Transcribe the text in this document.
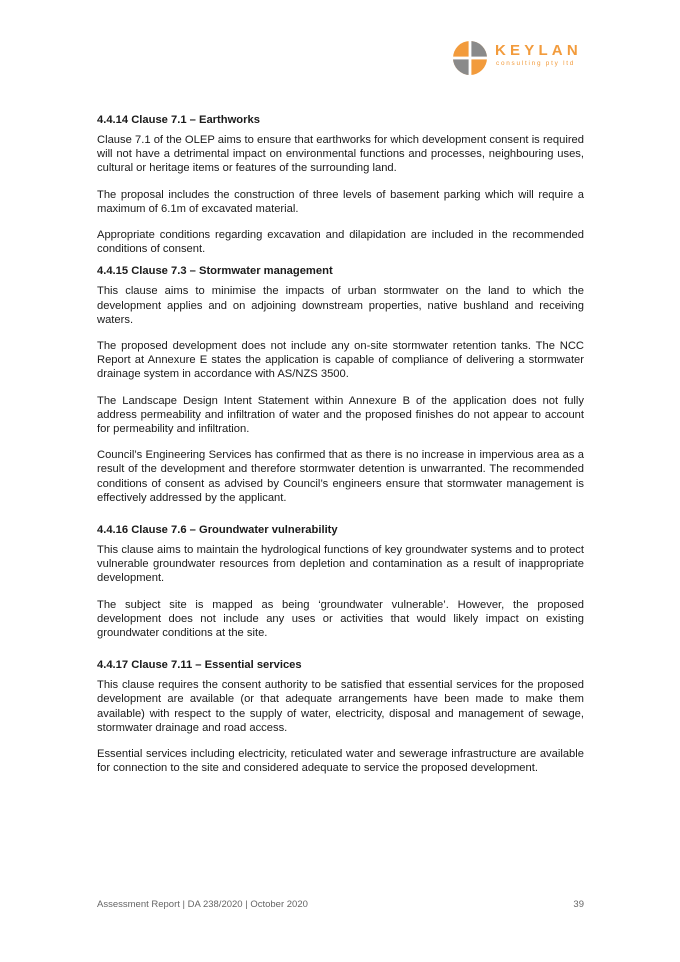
KEYLAN
consulting pty ltd
4.4.14 Clause 7.1 – Earthworks

Clause 7.1 of the OLEP aims to ensure that earthworks for which development consent is required will not have a detrimental impact on environmental functions and processes, neighbouring uses, cultural or heritage items or features of the surrounding land.

The proposal includes the construction of three levels of basement parking which will require a maximum of 6.1m of excavated material.

Appropriate conditions regarding excavation and dilapidation are included in the recommended conditions of consent.

4.4.15 Clause 7.3 – Stormwater management

This clause aims to minimise the impacts of urban stormwater on the land to which the development applies and on adjoining downstream properties, native bushland and receiving waters.

The proposed development does not include any on-site stormwater retention tanks. The NCC Report at Annexure E states the application is capable of compliance of delivering a stormwater drainage system in accordance with AS/NZS 3500.

The Landscape Design Intent Statement within Annexure B of the application does not fully address permeability and infiltration of water and the proposed finishes do not appear to account for permeability and infiltration.

Council’s Engineering Services has confirmed that as there is no increase in impervious area as a result of the development and therefore stormwater detention is unwarranted. The recommended conditions of consent as advised by Council’s engineers ensure that stormwater management is effectively addressed by the applicant.

4.4.16 Clause 7.6 – Groundwater vulnerability

This clause aims to maintain the hydrological functions of key groundwater systems and to protect vulnerable groundwater resources from depletion and contamination as a result of inappropriate development.

The subject site is mapped as being ‘groundwater vulnerable’. However, the proposed development does not include any uses or activities that would likely impact on existing groundwater conditions at the site.

4.4.17 Clause 7.11 – Essential services

This clause requires the consent authority to be satisfied that essential services for the proposed development are available (or that adequate arrangements have been made to make them available) with respect to the supply of water, electricity, disposal and management of sewage, stormwater drainage and road access.

Essential services including electricity, reticulated water and sewerage infrastructure are available for connection to the site and considered adequate to service the proposed development.

Assessment Report | DA 238/2020 | October 2020	39
